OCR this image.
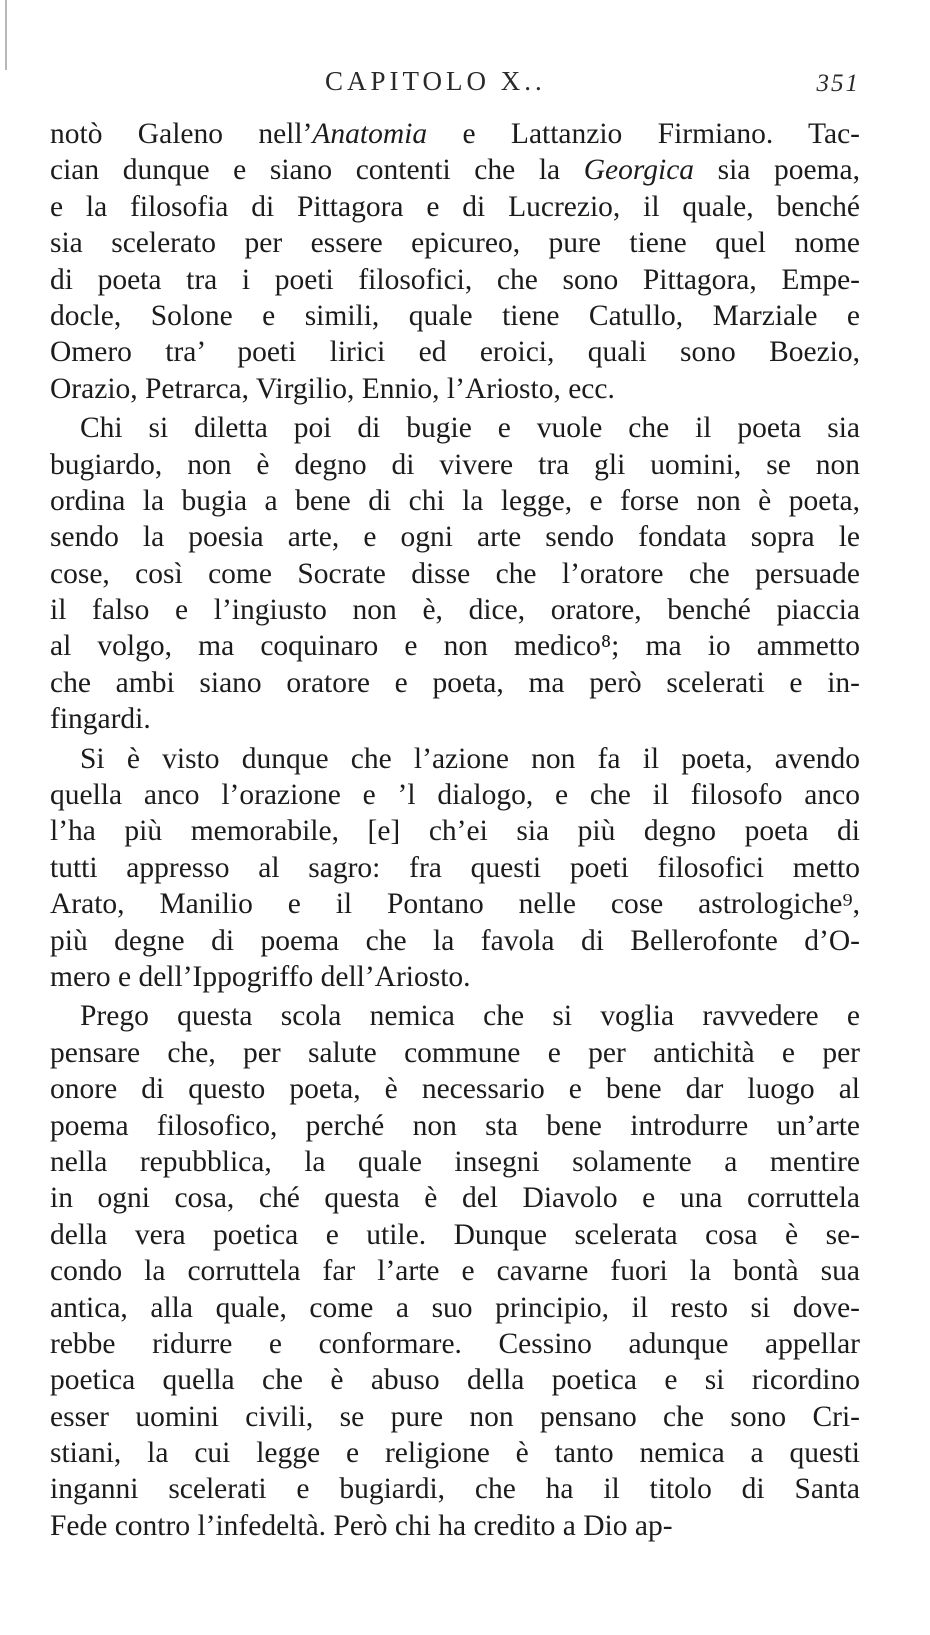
CAPITOLO X..	351
notò Galeno nell’Anatomia e Lattanzio Firmiano. Tac‑
cian dunque e siano contenti che la Georgica sia poema,
e la filosofia di Pittagora e di Lucrezio, il quale, benché
sia scelerato per essere epicureo, pure tiene quel nome
di poeta tra i poeti filosofici, che sono Pittagora, Empe‑
docle, Solone e simili, quale tiene Catullo, Marziale e
Omero tra’ poeti lirici ed eroici, quali sono Boezio,
Orazio, Petrarca, Virgilio, Ennio, l’Ariosto, ecc.
Chi si diletta poi di bugie e vuole che il poeta sia
bugiardo, non è degno di vivere tra gli uomini, se non
ordina la bugia a bene di chi la legge, e forse non è poeta,
sendo la poesia arte, e ogni arte sendo fondata sopra le
cose, così come Socrate disse che l’oratore che persuade
il falso e l’ingiusto non è, dice, oratore, benché piaccia
al volgo, ma coquinaro e non medico⁸; ma io ammetto
che ambi siano oratore e poeta, ma però scelerati e in‑
fingardi.
Si è visto dunque che l’azione non fa il poeta, avendo
quella anco l’orazione e ’l dialogo, e che il filosofo anco
l’ha più memorabile, [e] ch’ei sia più degno poeta di
tutti appresso al sagro: fra questi poeti filosofici metto
Arato, Manilio e il Pontano nelle cose astrologiche⁹,
più degne di poema che la favola di Bellerofonte d’O‑
mero e dell’Ippogriffo dell’Ariosto.
Prego questa scola nemica che si voglia ravvedere e
pensare che, per salute commune e per antichità e per
onore di questo poeta, è necessario e bene dar luogo al
poema filosofico, perché non sta bene introdurre un’arte
nella repubblica, la quale insegni solamente a mentire
in ogni cosa, ché questa è del Diavolo e una corruttela
della vera poetica e utile. Dunque scelerata cosa è se‑
condo la corruttela far l’arte e cavarne fuori la bontà sua
antica, alla quale, come a suo principio, il resto si dove‑
rebbe ridurre e conformare. Cessino adunque appellar
poetica quella che è abuso della poetica e si ricordino
esser uomini civili, se pure non pensano che sono Cri‑
stiani, la cui legge e religione è tanto nemica a questi
inganni scelerati e bugiardi, che ha il titolo di Santa
Fede contro l’infedeltà. Però chi ha credito a Dio ap‑
